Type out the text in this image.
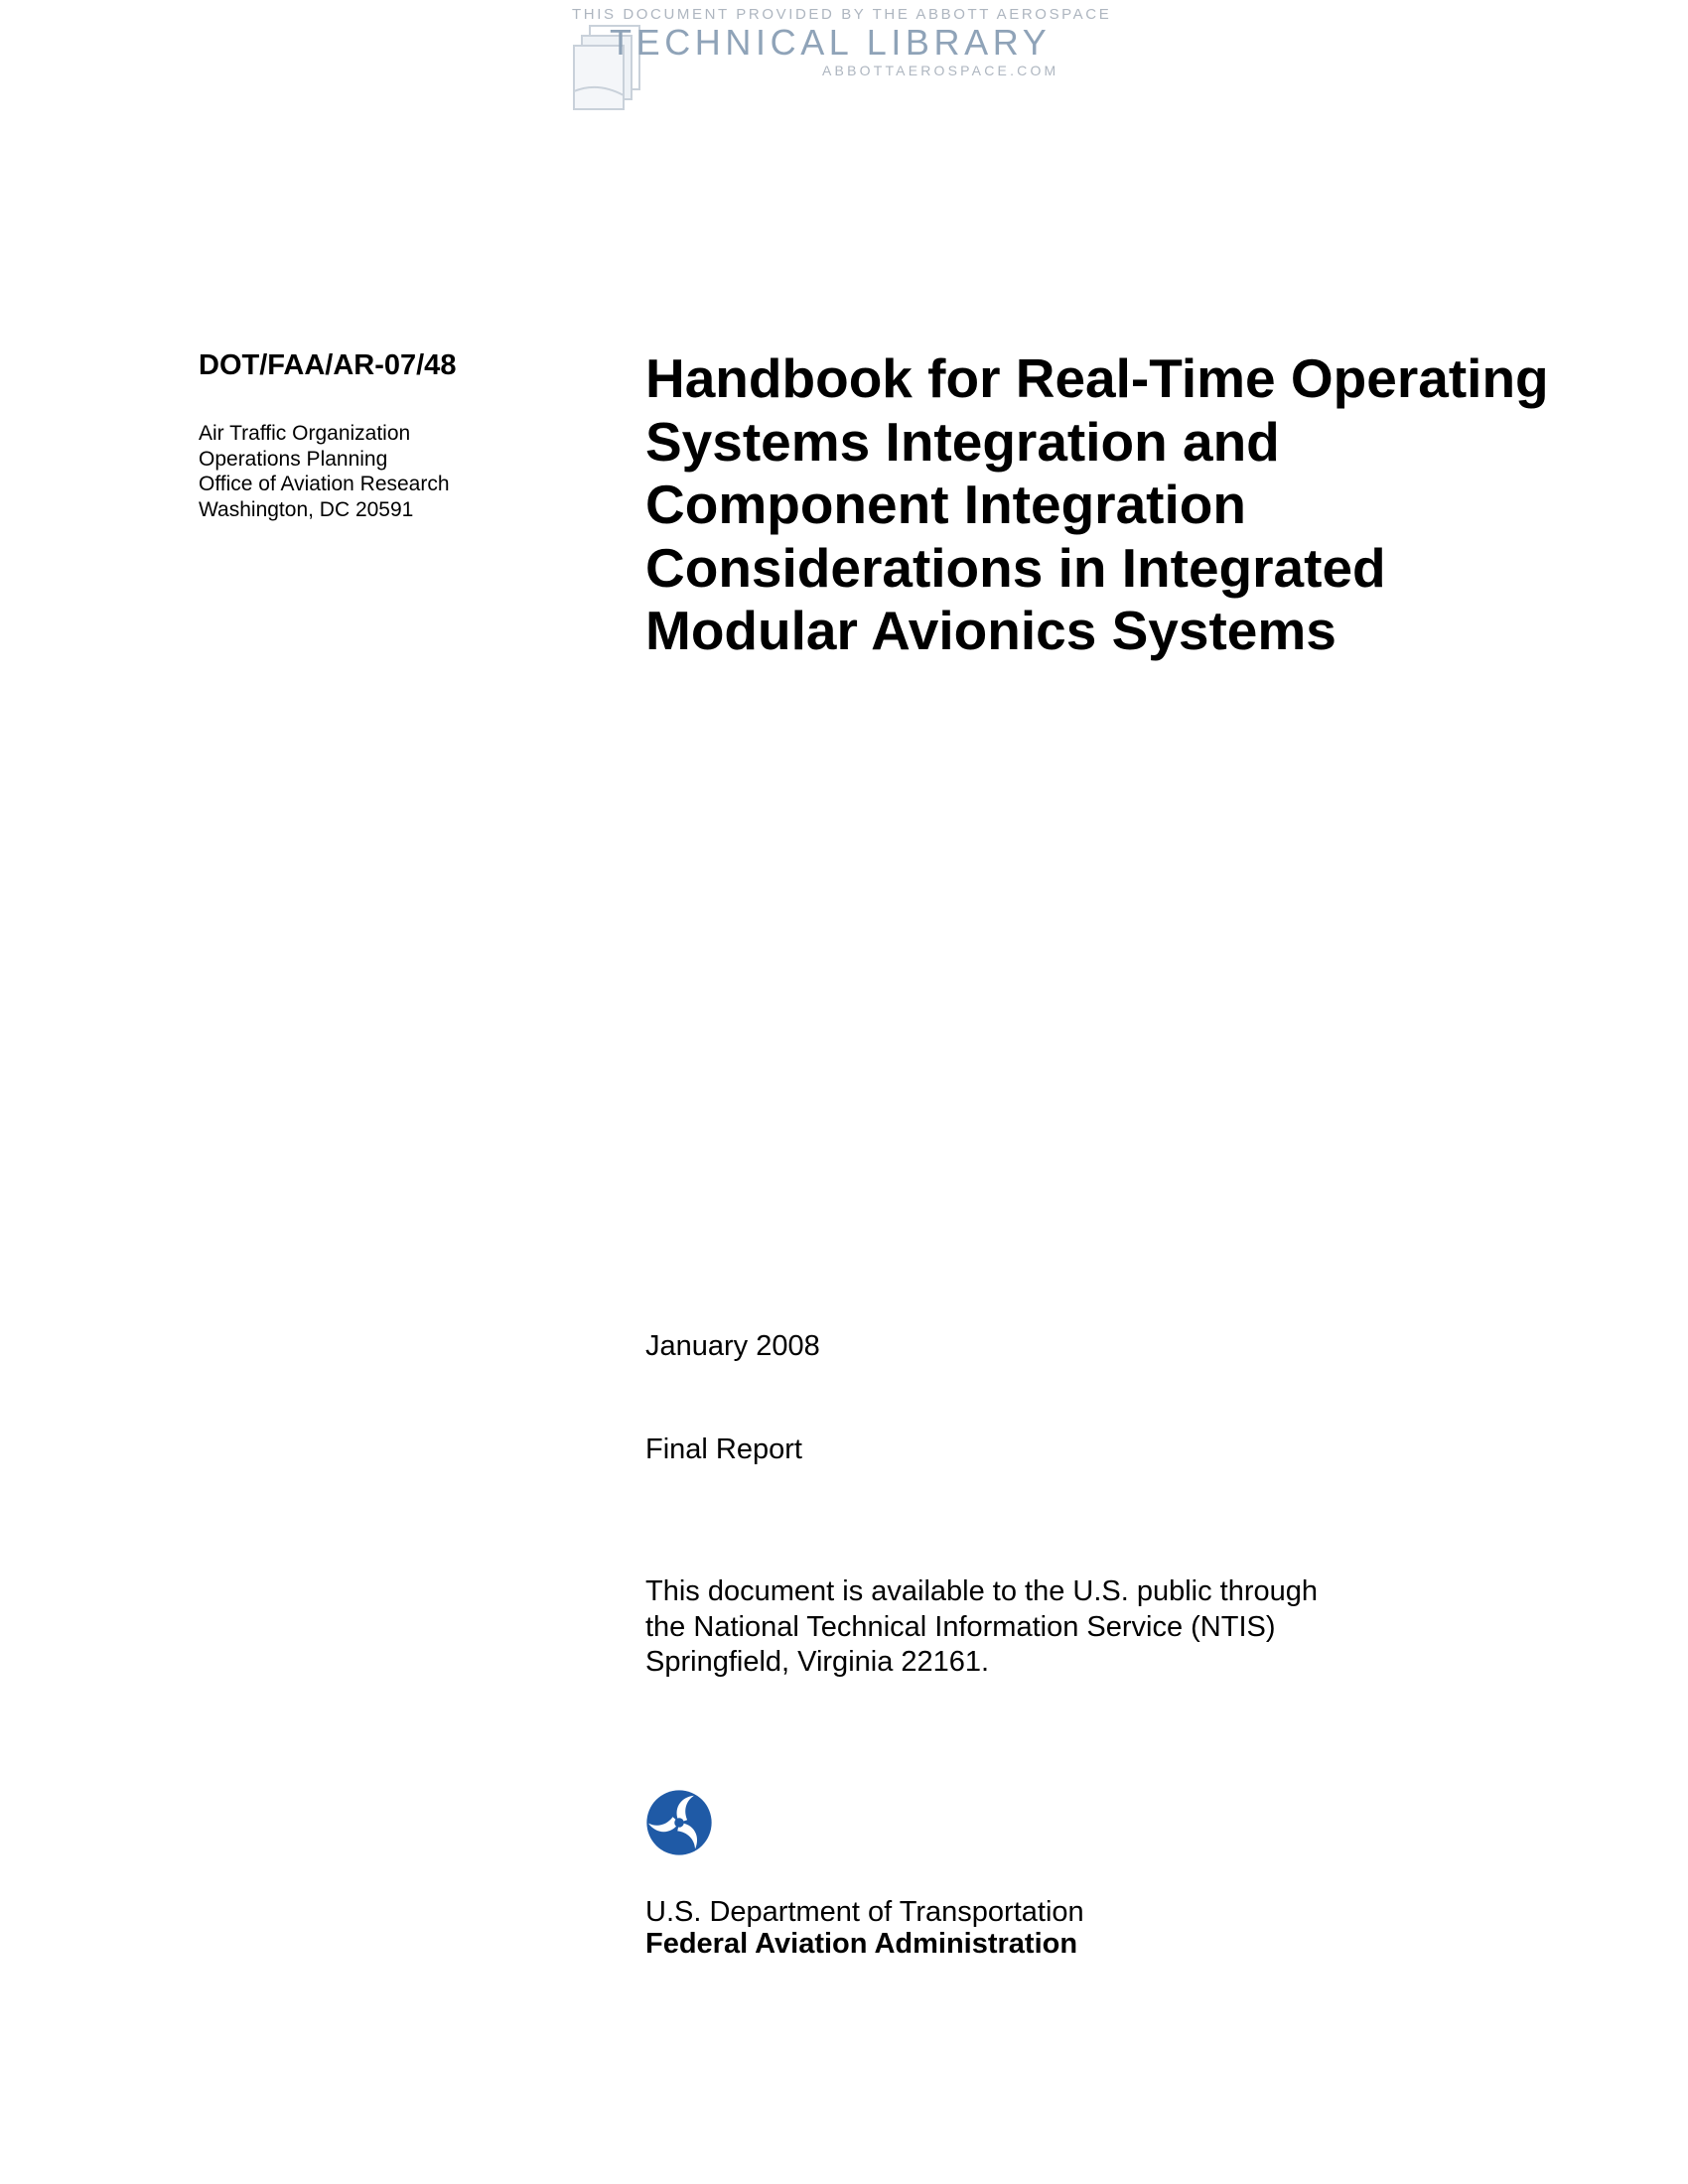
THIS DOCUMENT PROVIDED BY THE ABBOTT AEROSPACE
TECHNICAL LIBRARY
ABBOTTAEROSPACE.COM
DOT/FAA/AR-07/48
Air Traffic Organization
Operations Planning
Office of Aviation Research
Washington, DC 20591
Handbook for Real-Time Operating
Systems Integration and
Component Integration
Considerations in Integrated
Modular Avionics Systems
January 2008
Final Report
This document is available to the U.S. public through
the National Technical Information Service (NTIS)
Springfield, Virginia 22161.
U.S. Department of Transportation
Federal Aviation Administration
